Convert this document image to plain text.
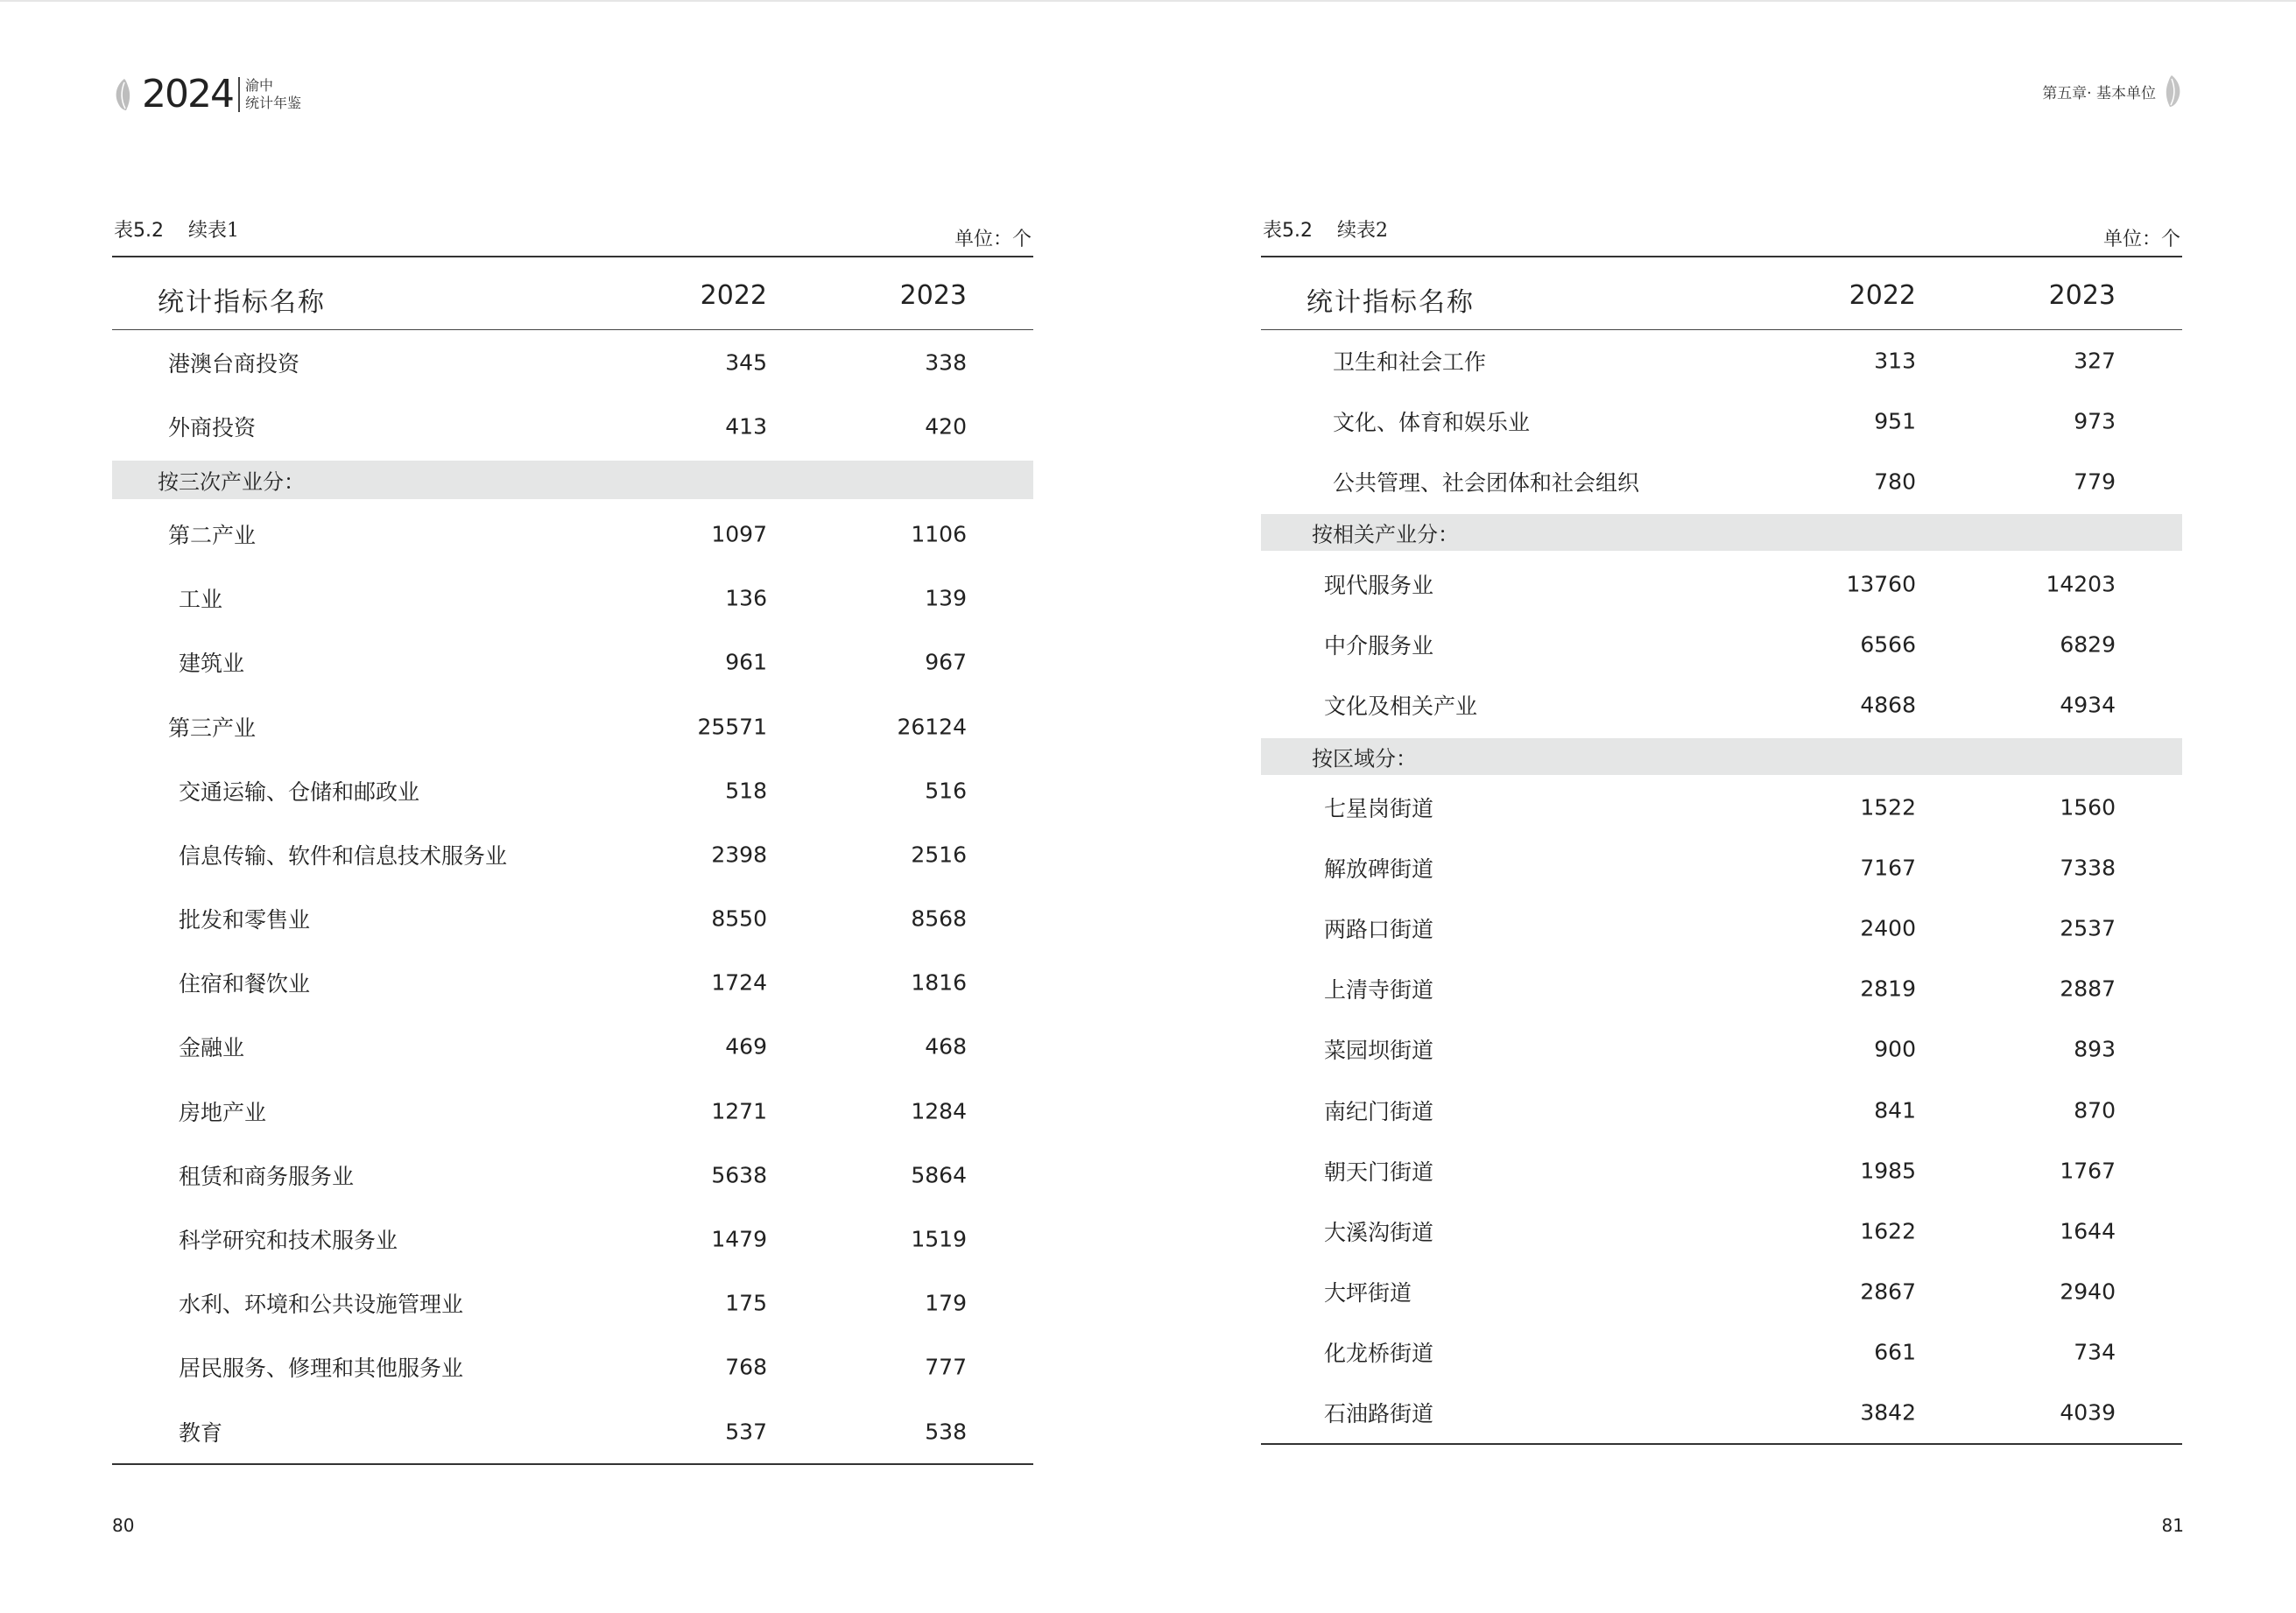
2024 渝中
统计年鉴
第五章· 基本单位
表5.2 续表1	单位：个
统计指标名称	2022	2023
港澳台商投资	345	338
外商投资	413	420
按三次产业分：
第二产业	1097	1106
工业	136	139
建筑业	961	967
第三产业	25571	26124
交通运输、仓储和邮政业	518	516
信息传输、软件和信息技术服务业	2398	2516
批发和零售业	8550	8568
住宿和餐饮业	1724	1816
金融业	469	468
房地产业	1271	1284
租赁和商务服务业	5638	5864
科学研究和技术服务业	1479	1519
水利、环境和公共设施管理业	175	179
居民服务、修理和其他服务业	768	777
教育	537	538
表5.2 续表2	单位：个
统计指标名称	2022	2023
卫生和社会工作	313	327
文化、体育和娱乐业	951	973
公共管理、社会团体和社会组织	780	779
按相关产业分：
现代服务业	13760	14203
中介服务业	6566	6829
文化及相关产业	4868	4934
按区域分：
七星岗街道	1522	1560
解放碑街道	7167	7338
两路口街道	2400	2537
上清寺街道	2819	2887
菜园坝街道	900	893
南纪门街道	841	870
朝天门街道	1985	1767
大溪沟街道	1622	1644
大坪街道	2867	2940
化龙桥街道	661	734
石油路街道	3842	4039
80	81
